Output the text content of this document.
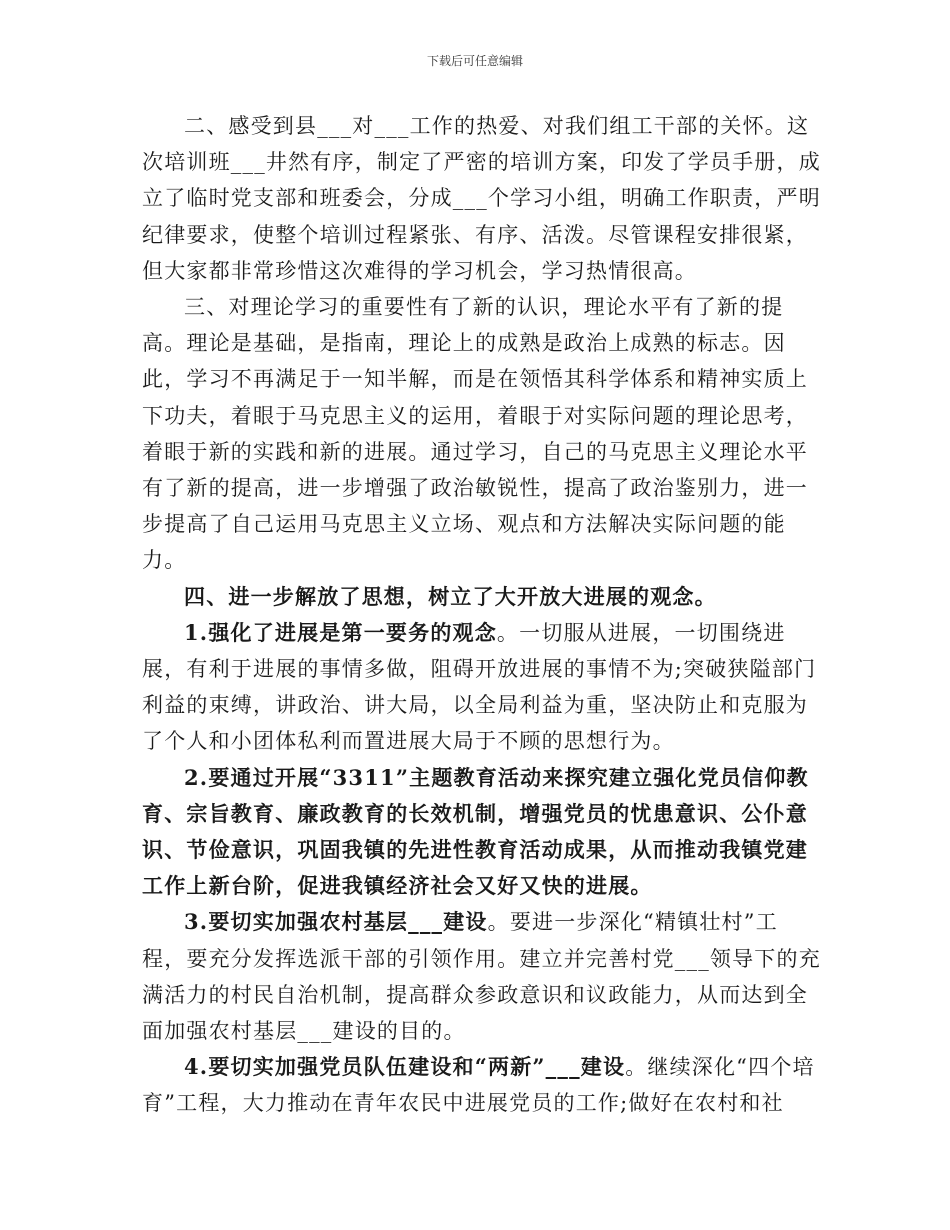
下载后可任意编辑

二、感受到县___对___工作的热爱、对我们组工干部的关怀。这次培训班___井然有序，制定了严密的培训方案，印发了学员手册，成立了临时党支部和班委会，分成___个学习小组，明确工作职责，严明纪律要求，使整个培训过程紧张、有序、活泼。尽管课程安排很紧，但大家都非常珍惜这次难得的学习机会，学习热情很高。

三、对理论学习的重要性有了新的认识，理论水平有了新的提高。理论是基础，是指南，理论上的成熟是政治上成熟的标志。因此，学习不再满足于一知半解，而是在领悟其科学体系和精神实质上下功夫，着眼于马克思主义的运用，着眼于对实际问题的理论思考，着眼于新的实践和新的进展。通过学习，自己的马克思主义理论水平有了新的提高，进一步增强了政治敏锐性，提高了政治鉴别力，进一步提高了自己运用马克思主义立场、观点和方法解决实际问题的能力。

四、进一步解放了思想，树立了大开放大进展的观念。

1.强化了进展是第一要务的观念。一切服从进展，一切围绕进展，有利于进展的事情多做，阻碍开放进展的事情不为;突破狭隘部门利益的束缚，讲政治、讲大局，以全局利益为重，坚决防止和克服为了个人和小团体私利而置进展大局于不顾的思想行为。

2.要通过开展“3311”主题教育活动来探究建立强化党员信仰教育、宗旨教育、廉政教育的长效机制，增强党员的忧患意识、公仆意识、节俭意识，巩固我镇的先进性教育活动成果，从而推动我镇党建工作上新台阶，促进我镇经济社会又好又快的进展。

3.要切实加强农村基层___建设。要进一步深化“精镇壮村”工程，要充分发挥选派干部的引领作用。建立并完善村党___领导下的充满活力的村民自治机制，提高群众参政意识和议政能力，从而达到全面加强农村基层___建设的目的。

4.要切实加强党员队伍建设和“两新”___建设。继续深化“四个培育”工程，大力推动在青年农民中进展党员的工作;做好在农村和社
